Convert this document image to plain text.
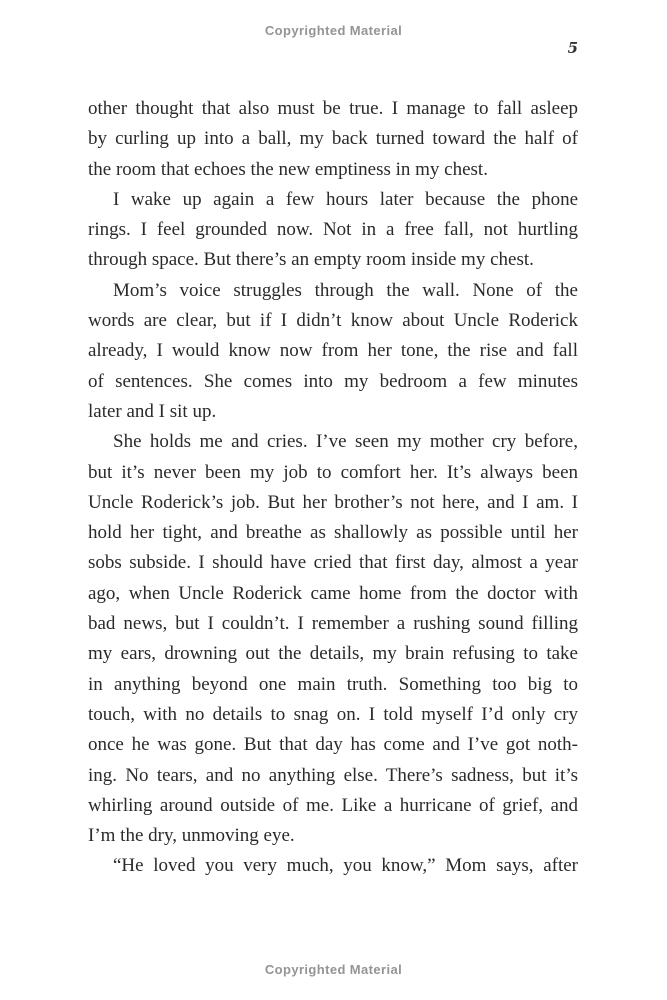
Copyrighted Material
5
other thought that also must be true. I manage to fall asleep
by curling up into a ball, my back turned toward the half of
the room that echoes the new emptiness in my chest.
I wake up again a few hours later because the phone
rings. I feel grounded now. Not in a free fall, not hurtling
through space. But there’s an empty room inside my chest.
Mom’s voice struggles through the wall. None of the
words are clear, but if I didn’t know about Uncle Roderick
already, I would know now from her tone, the rise and fall
of sentences. She comes into my bedroom a few minutes
later and I sit up.
She holds me and cries. I’ve seen my mother cry before,
but it’s never been my job to comfort her. It’s always been
Uncle Roderick’s job. But her brother’s not here, and I am. I
hold her tight, and breathe as shallowly as possible until her
sobs subside. I should have cried that first day, almost a year
ago, when Uncle Roderick came home from the doctor with
bad news, but I couldn’t. I remember a rushing sound filling
my ears, drowning out the details, my brain refusing to take
in anything beyond one main truth. Something too big to
touch, with no details to snag on. I told myself I’d only cry
once he was gone. But that day has come and I’ve got noth-
ing. No tears, and no anything else. There’s sadness, but it’s
whirling around outside of me. Like a hurricane of grief, and
I’m the dry, unmoving eye.
“He loved you very much, you know,” Mom says, after
Copyrighted Material
